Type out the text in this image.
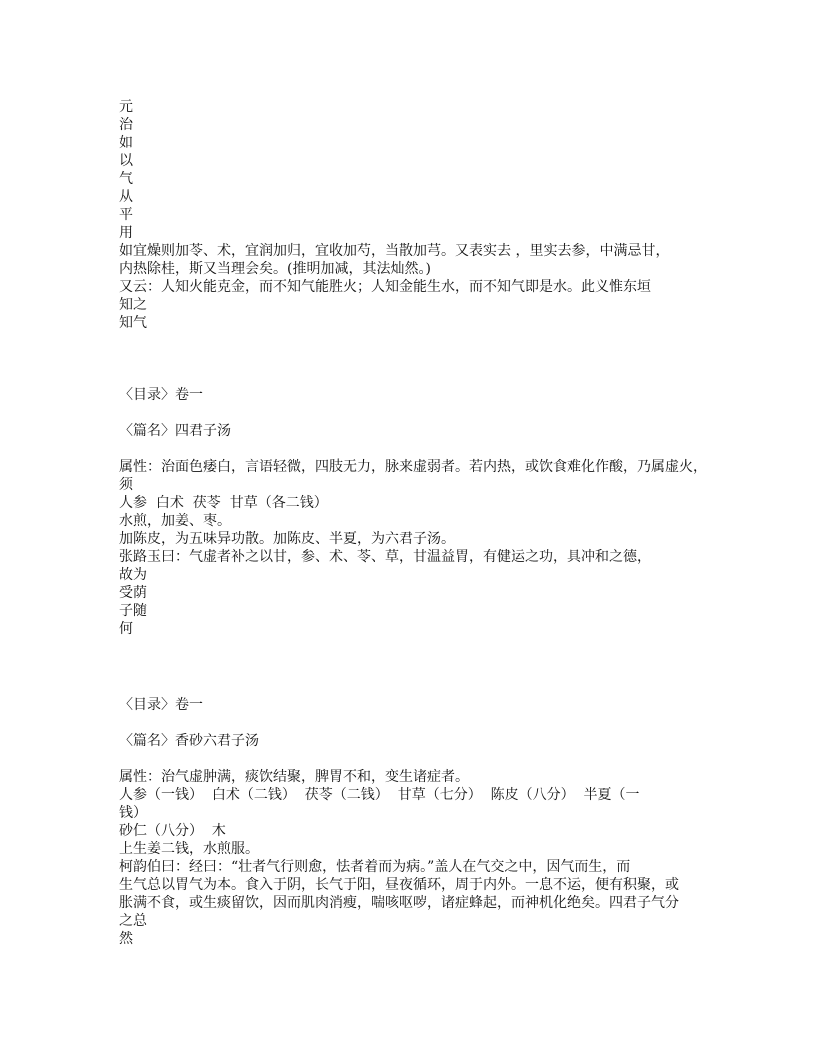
元
治
如
以
气
从
平
用
如宜燥则加苓、术，宜润加归，宜收加芍，当散加芎。又表实去 ，里实去参，中满忌甘，
内热除桂，斯又当理会矣。(推明加减，其法灿然。)
又云：人知火能克金，而不知气能胜火；人知金能生水，而不知气即是水。此义惟东垣
知之
知气
〈目录〉卷一
〈篇名〉四君子汤
属性：治面色痿白，言语轻微，四肢无力，脉来虚弱者。若内热，或饮食难化作酸，乃属虚火，
须
人参  白术  茯苓  甘草（各二钱）
水煎，加姜、枣。
加陈皮，为五味异功散。加陈皮、半夏，为六君子汤。
张路玉曰：气虚者补之以甘，参、术、苓、草，甘温益胃，有健运之功，具冲和之德，
故为
受荫
子随
何
〈目录〉卷一
〈篇名〉香砂六君子汤
属性：治气虚肿满，痰饮结聚，脾胃不和，变生诸症者。
人参（一钱）  白术（二钱）  茯苓（二钱）  甘草（七分）  陈皮（八分）  半夏（一
钱）
砂仁（八分）  木
上生姜二钱，水煎服。
柯韵伯曰：经曰：“壮者气行则愈，怯者着而为病。”盖人在气交之中，因气而生，而
生气总以胃气为本。食入于阴，长气于阳，昼夜循环，周于内外。一息不运，便有积聚，或
胀满不食，或生痰留饮，因而肌肉消瘦，喘咳呕哕，诸症蜂起，而神机化绝矣。四君子气分
之总
然
